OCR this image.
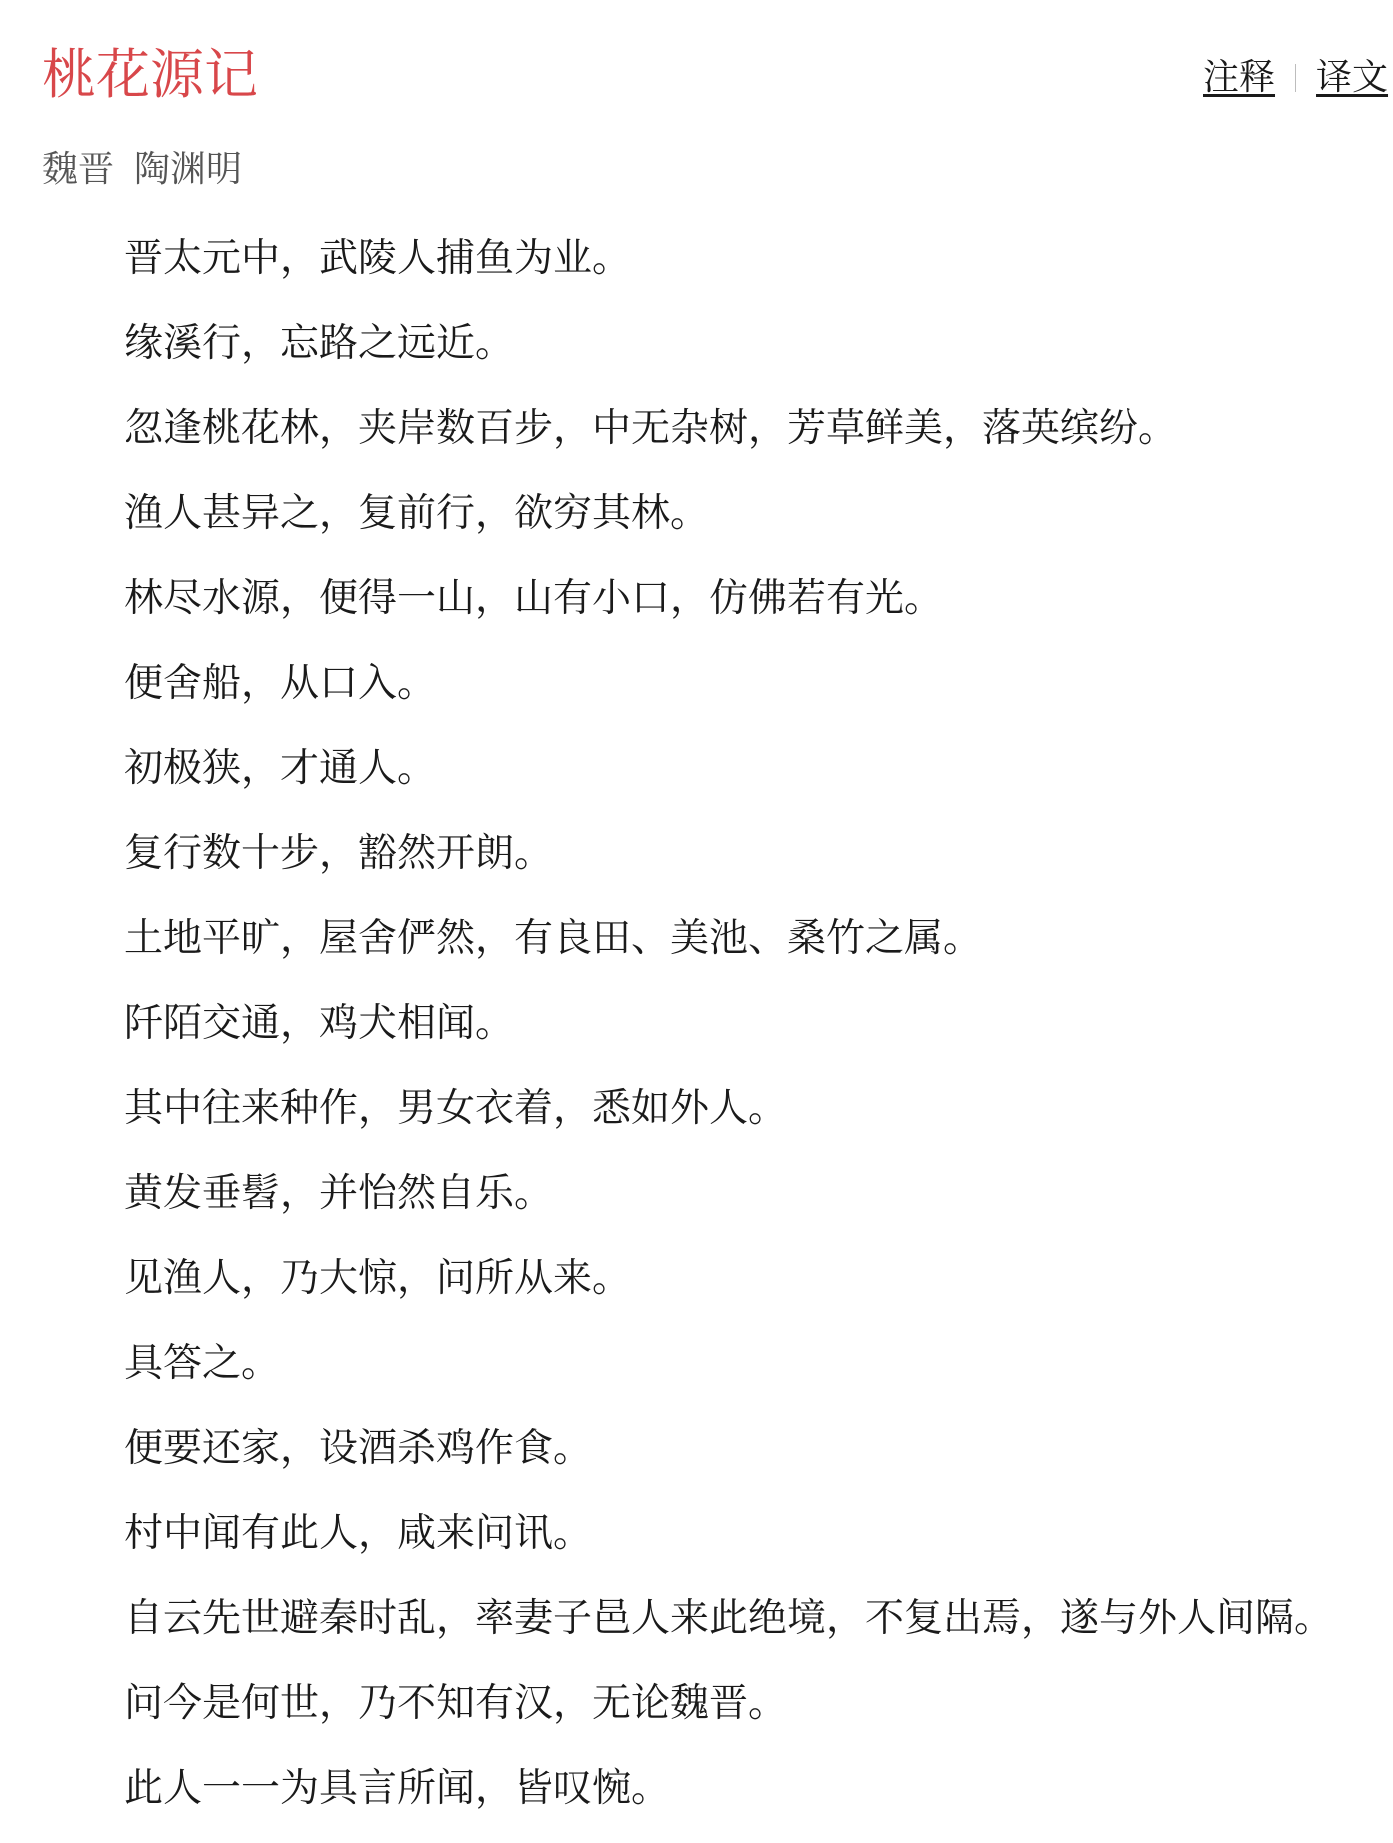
桃花源记	注释 译文
魏晋 陶渊明
晋太元中，武陵人捕鱼为业。
缘溪行，忘路之远近。
忽逢桃花林，夹岸数百步，中无杂树，芳草鲜美，落英缤纷。
渔人甚异之，复前行，欲穷其林。
林尽水源，便得一山，山有小口，仿佛若有光。
便舍船，从口入。
初极狭，才通人。
复行数十步，豁然开朗。
土地平旷，屋舍俨然，有良田、美池、桑竹之属。
阡陌交通，鸡犬相闻。
其中往来种作，男女衣着，悉如外人。
黄发垂髫，并怡然自乐。
见渔人，乃大惊，问所从来。
具答之。
便要还家，设酒杀鸡作食。
村中闻有此人，咸来问讯。
自云先世避秦时乱，率妻子邑人来此绝境，不复出焉，遂与外人间隔。
问今是何世，乃不知有汉，无论魏晋。
此人一一为具言所闻，皆叹惋。
